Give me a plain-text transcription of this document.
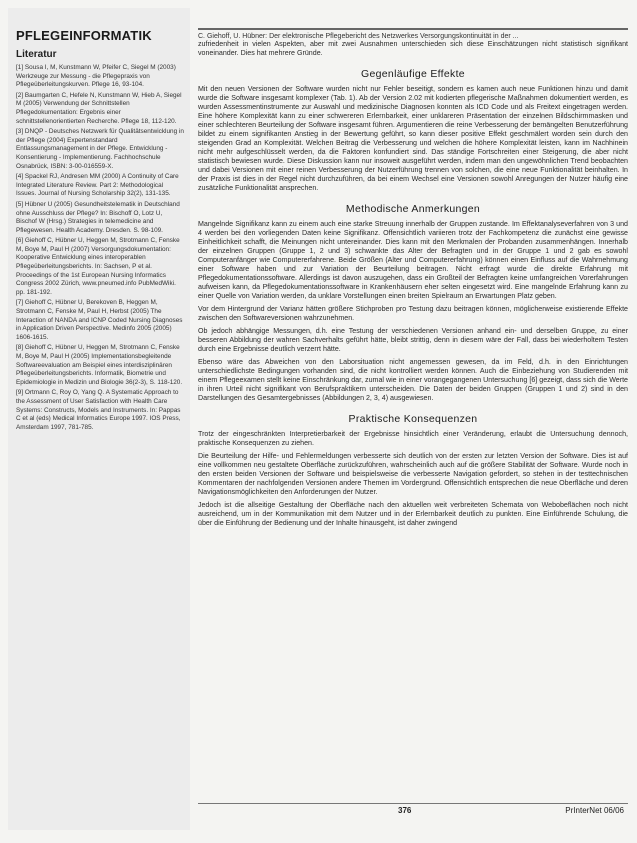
PFLEGEINFORMATIK
Literatur
[1] Sousa I, M, Kunstmann W, Pfeifer C, Siegel M (2003) Werkzeuge zur Messung - die Pflegepraxis von Pflegeüberleitungskurven. Pflege 16, 93-104.
[2] Baumgarten C, Hefele N, Kunstmann W, Hieb A, Siegel M (2005) Verwendung der Schnittstellen Pflegedokumentation: Ergebnis einer schnittstellenorientierten Recherche. Pflege 18, 112-120.
[3] DNQP - Deutsches Netzwerk für Qualitätsentwicklung in der Pflege (2004) Expertenstandard Entlassungsmanagement in der Pflege. Entwicklung - Konsentierung - Implementierung. Fachhochschule Osnabrück, ISBN: 3-00-016559-X.
[4] Spackel RJ, Andresen MM (2000) A Continuity of Care Integrated Literature Review. Part 2: Methodological Issues. Journal of Nursing Scholarship 32(2), 131-135.
[5] Hübner U (2005) Gesundheitstelematik in Deutschland ohne Ausschluss der Pflege? In: Bischoff O, Lotz U, Bischof W (Hrsg.) Strategies in telemedicine and Pflegewesen. Health Academy. Dresden. S. 98-109.
[6] Giehoff C, Hübner U, Heggen M, Strotmann C, Fenske M, Boye M, Paul H (2007) Versorgungsdokumentation: Kooperative Entwicklung eines interoperablen Pflegeüberleitungsberichts. In: Sachsen, P et al. Proceedings of the 1st European Nursing Informatics Congress 2002 Zürich, www.pneumed.info PubMedWiki. pp. 181-192.
[7] Giehoff C, Hübner U, Berekoven B, Heggen M, Strotmann C, Fenske M, Paul H, Herbst (2005) The Interaction of NANDA and ICNP Coded Nursing Diagnoses in Application Driven Perspective. Medinfo 2005 (2005) 1606-1615.
[8] Giehoff C, Hübner U, Heggen M, Strotmann C, Fenske M, Boye M, Paul H (2005) Implementationsbegleitende Softwareevaluation am Beispiel eines interdisziplinären Pflegeüberleitungsberichts. Informatik, Biometrie und Epidemiologie in Medizin und Biologie 36(2-3), S. 118-120.
[9] Ortmann C, Roy O, Yang Q. A Systematic Approach to the Assessment of User Satisfaction with Health Care Systems: Constructs, Models and Instruments. In: Pappas C et al (eds) Medical Informatics Europe 1997. IOS Press, Amsterdam 1997, 781-785.
C. Giehoff, U. Hübner: Der elektronische Pflegebericht des Netzwerkes Versorgungskontinuität in der ...

zufriedenheit in vielen Aspekten, aber mit zwei Ausnahmen unterschieden sich diese Einschätzungen nicht statistisch signifikant voneinander. Dies hat mehrere Gründe.

Gegenläufige Effekte

Mit den neuen Versionen der Software wurden nicht nur Fehler beseitigt, sondern es kamen auch neue Funktionen hinzu und damit wurde die Software insgesamt komplexer (Tab. 1). Ab der Version 2.02 mit kodierten pflegerische Maßnahmen dokumentiert werden, es wurden Assessmentinstrumente zur Auswahl und medizinische Diagnosen konnten als ICD Code und als Freitext eingetragen werden. Eine höhere Komplexität kann zu einer schwereren Erlernbarkeit, einer unklareren Präsentation der einzelnen Bildschirmmasken und einer schlechteren Beurteilung der Software insgesamt führen. Argumentieren die reine Verbesserung der bemängelten Benutzerführung bildet zu einem signifikanten Anstieg in der Bewertung geführt, so kann dieser positive Effekt geschmälert worden sein durch den steigenden Grad an Komplexität. Welchen Beitrag die Verbesserung und welchen die höhere Komplexität leisten, kann im Nachhinein nicht mehr aufgeschlüsselt werden, da die Faktoren konfundiert sind. Das ständige Fortschreiten einer Steigerung, die aber nicht statistisch bewiesen wurde. Diese Diskussion kann nur insoweit ausgeführt werden, indem man den ungewöhnlichen Trend beobachten und dabei Versionen mit einer reinen Verbesserung der Nutzerführung trennen von solchen, die eine neue Funktionalität beinhalten. In der Praxis ist dies in der Regel nicht durchzuführen, da bei einem Wechsel eine Versionen sowohl Anregungen der Nutzer häufig eine zusätzliche Funktionalität ansprechen.

Methodische Anmerkungen

Mangelnde Signifikanz kann zu einem auch eine starke Streuung innerhalb der Gruppen zustande. Im Effektanalyseverfahren von 3 und 4 werden bei den vorliegenden Daten keine Signifikanz. Offensichtlich variieren trotz der Fachkompetenz die zunächst eine gewisse Einheitlichkeit schafft, die Meinungen nicht untereinander. Dies kann mit den Merkmalen der Probanden zusammenhängen. Innerhalb der einzelnen Gruppen (Gruppe 1, 2 und 3) schwankte das Alter der Befragten und in der Gruppe 1 und 2 gab es sowohl Computeranfänger wie Computererfahrene. Beide Größen (Alter und Computererfahrung) können einen Einfluss auf die Wahrnehmung einer Software haben und zur Variation der Beurteilung beitragen. Nicht erfragt wurde die direkte Erfahrung mit Pflegedokumentationssoftware. Allerdings ist davon auszugehen, dass ein Großteil der Befragten keine umfangreichen Vorerfahrungen aufweisen kann, da Pflegedokumentationssoftware in Krankenhäusern eher selten eingesetzt wird. Eine mangelnde Erfahrung kann zu einer Quelle von Variation werden, da unklare Vorstellungen einen breiten Spielraum an Erwartungen Platz geben.

Vor dem Hintergrund der Varianz hätten größere Stichproben pro Testung dazu beitragen können, möglicherweise existierende Effekte zwischen den Softwareversionen wahrzunehmen.

Ob jedoch abhängige Messungen, d.h. eine Testung der verschiedenen Versionen anhand ein- und derselben Gruppe, zu einer besseren Abbildung der wahren Sachverhalts geführt hätte, bleibt strittig, denn in diesem wäre der Fall, dass bei wiederholtem Testen durch eine Ergebnisse deutlich verzerrt hätte.

Ebenso wäre das Abweichen von den Laborsituation nicht angemessen gewesen, da im Feld, d.h. in den Einrichtungen unterschiedlichste Bedingungen vorhanden sind, die nicht kontrolliert werden können. Auch die Einbeziehung von Studierenden mit einem Pflegeexamen stellt keine Einschränkung dar, zumal wie in einer vorangegangenen Untersuchung [6] gezeigt, dass sich die Werte in ihren Urteil nicht signifikant von Berufspraktikern unterscheiden. Die Daten der beiden Gruppen (Gruppen 1 und 2) sind in den Darstellungen des Gesamtergebnisses (Abbildungen 2, 3, 4) ausgewiesen.

Praktische Konsequenzen

Trotz der eingeschränkten Interpretierbarkeit der Ergebnisse hinsichtlich einer Veränderung, erlaubt die Untersuchung dennoch, praktische Konsequenzen zu ziehen.

Die Beurteilung der Hilfe- und Fehlermeldungen verbesserte sich deutlich von der ersten zur letzten Version der Software. Dies ist auf eine vollkommen neu gestaltete Oberfläche zurückzuführen, wahrscheinlich auch auf die größere Stabilität der Software. Wurde noch in den ersten beiden Versionen der Software und beispielsweise die verbesserte Navigation gefordert, so stehen in der testtechnischen Kommentaren der nachfolgenden Versionen andere Themen im Vordergrund. Offensichtlich entsprechen die neue Oberfläche und deren Navigationsmöglichkeiten den Anforderungen der Nutzer.

Jedoch ist die allseitige Gestaltung der Oberfläche nach den aktuellen weit verbreiteten Schemata von Webobeflächen noch nicht ausreichend, um in der Kommunikation mit dem Nutzer und in der Erlernbarkeit deutlich zu punkten. Eine Einführende Schulung, die über die Einführung der Bedienung und der Inhalte hinausgeht, ist daher zwingend

376	PrInterNet 06/06
